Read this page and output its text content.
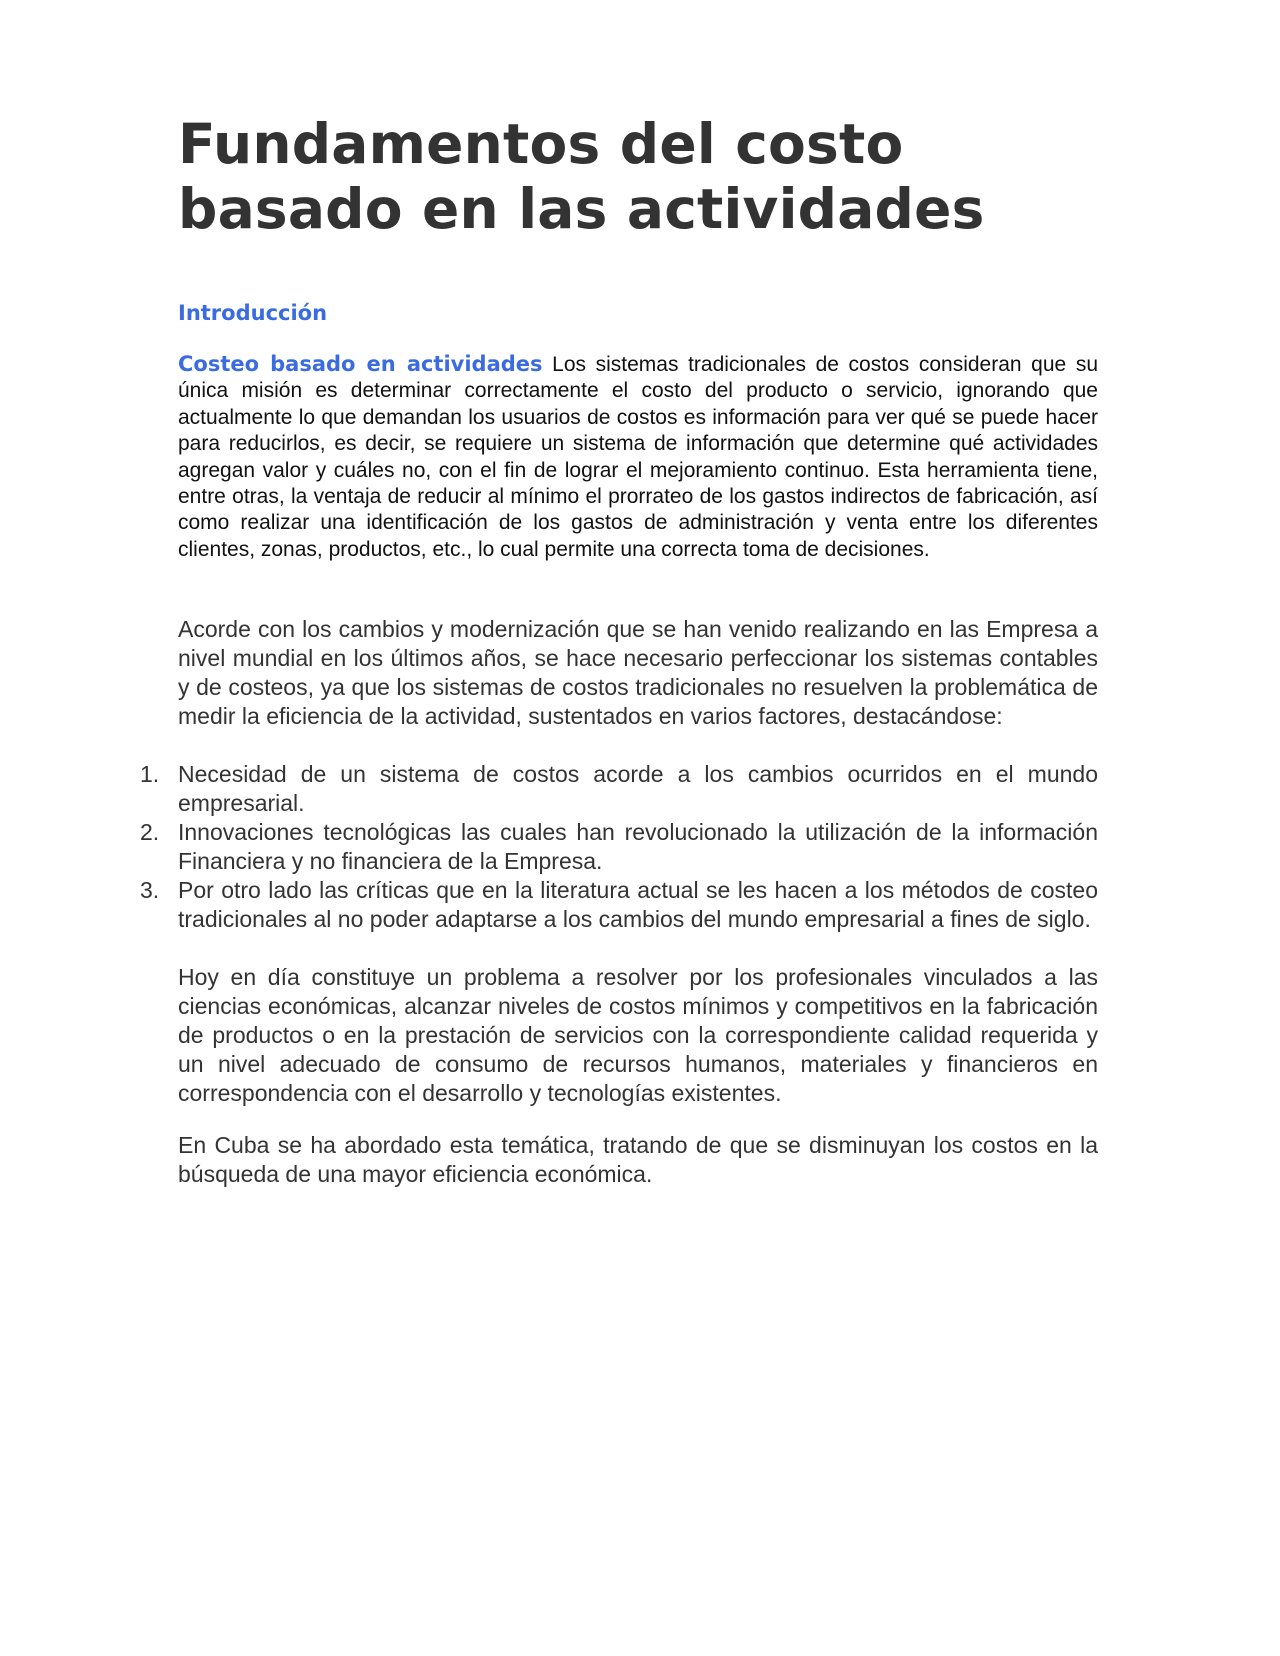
Fundamentos del costo basado en las actividades
Introducción

Costeo basado en actividades Los sistemas tradicionales de costos consideran que su única misión es determinar correctamente el costo del producto o servicio, ignorando que actualmente lo que demandan los usuarios de costos es información para ver qué se puede hacer para reducirlos, es decir, se requiere un sistema de información que determine qué actividades agregan valor y cuáles no, con el fin de lograr el mejoramiento continuo. Esta herramienta tiene, entre otras, la ventaja de reducir al mínimo el prorrateo de los gastos indirectos de fabricación, así como realizar una identificación de los gastos de administración y venta entre los diferentes clientes, zonas, productos, etc., lo cual permite una correcta toma de decisiones.

Acorde con los cambios y modernización que se han venido realizando en las Empresa a nivel mundial en los últimos años, se hace necesario perfeccionar los sistemas contables y de costeos, ya que los sistemas de costos tradicionales no resuelven la problemática de medir la eficiencia de la actividad, sustentados en varios factores, destacándose:

1. Necesidad de un sistema de costos acorde a los cambios ocurridos en el mundo empresarial.
2. Innovaciones tecnológicas las cuales han revolucionado la utilización de la información Financiera y no financiera de la Empresa.
3. Por otro lado las críticas que en la literatura actual se les hacen a los métodos de costeo tradicionales al no poder adaptarse a los cambios del mundo empresarial a fines de siglo.

Hoy en día constituye un problema a resolver por los profesionales vinculados a las ciencias económicas, alcanzar niveles de costos mínimos y competitivos en la fabricación de productos o en la prestación de servicios con la correspondiente calidad requerida y un nivel adecuado de consumo de recursos humanos, materiales y financieros en correspondencia con el desarrollo y tecnologías existentes.

En Cuba se ha abordado esta temática, tratando de que se disminuyan los costos en la búsqueda de una mayor eficiencia económica.
